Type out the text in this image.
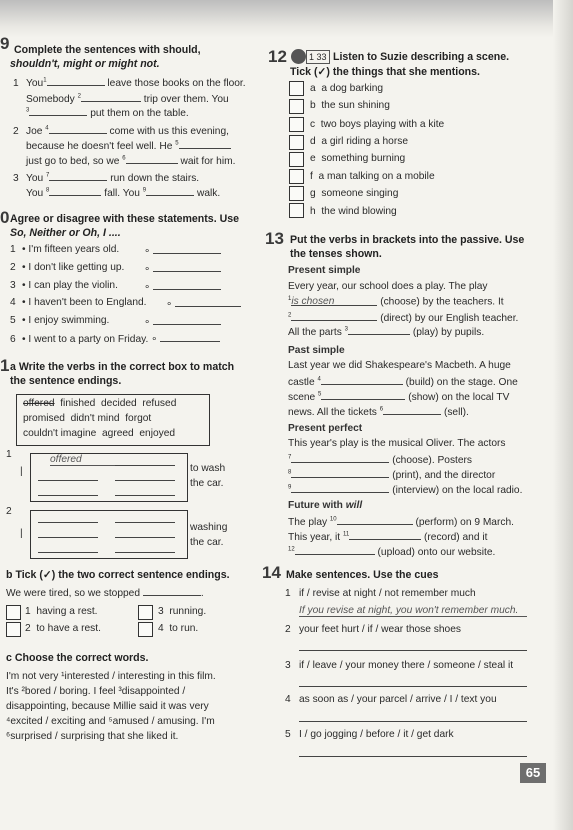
9 Complete the sentences with should,
shouldn't, might or might not.
1 You$^1$	leave those books on the floor.
Somebody $^2$	trip over them. You
$^3$	put them on the table.
2 Joe $^4$	come with us this evening,
because he doesn't feel well. He $^5$
just go to bed, so we $^6$	wait for him.
3 You $^7$	run down the stairs.
You $^8$	fall. You $^9$	walk.
0 Agree or disagree with these statements. Use
So, Neither or Oh, I ....
1 • I'm fifteen years old. ∘
2 • I don't like getting up. ∘
3 • I can play the violin.	∘
4 • I haven't been to England. ∘
5 • I enjoy swimming.	∘
6 • I went to a party on Friday. ∘
1 a Write the verbs in the correct box to match
the sentence endings.
offered finished decided refused
promised didn't mind forgot
couldn't imagine agreed enjoyed
1
|
offered
to wash
the car.
2
|
washing
the car.
b Tick (✓) the two correct sentence endings.
We were tired, so we stopped	.
1 having a rest.
2 to have a rest.
3 running.
4 to run.
c Choose the correct words.
I'm not very ¹interested / interesting in this film.
It's ²bored / boring. I feel ³disappointed /
disappointing, because Millie said it was very
⁴excited / exciting and ⁵amused / amusing. I'm
⁶surprised / surprising that she liked it.
12	1 33 Listen to Suzie describing a scene.
Tick (✓) the things that she mentions.
a a dog barking
b the sun shining
c two boys playing with a kite
d a girl riding a horse
e something burning
f a man talking on a mobile
g someone singing
h the wind blowing
13 Put the verbs in brackets into the passive. Use
the tenses shown.
Present simple
Every year, our school does a play. The play
$^1$is chosen	(choose) by the teachers. It
$^2$	(direct) by our English teacher.
All the parts $^3$	(play) by pupils.
Past simple
Last year we did Shakespeare's Macbeth. A huge
castle $^4$	(build) on the stage. One
scene $^5$	(show) on the local TV
news. All the tickets $^6$	(sell).
Present perfect
This year's play is the musical Oliver. The actors
$^7$	(choose). Posters
$^8$	(print), and the director
$^9$	(interview) on the local radio.
Future with will
The play $^{10}$	(perform) on 9 March.
This year, it $^{11}$	(record) and it
$^{12}$	(upload) onto our website.
14 Make sentences. Use the cues
1 if / revise at night / not remember much
If you revise at night, you won't remember much.
2 your feet hurt / if / wear those shoes
3 if / leave / your money there / someone / steal it
4 as soon as / your parcel / arrive / I / text you
5 I / go jogging / before / it / get dark
65
